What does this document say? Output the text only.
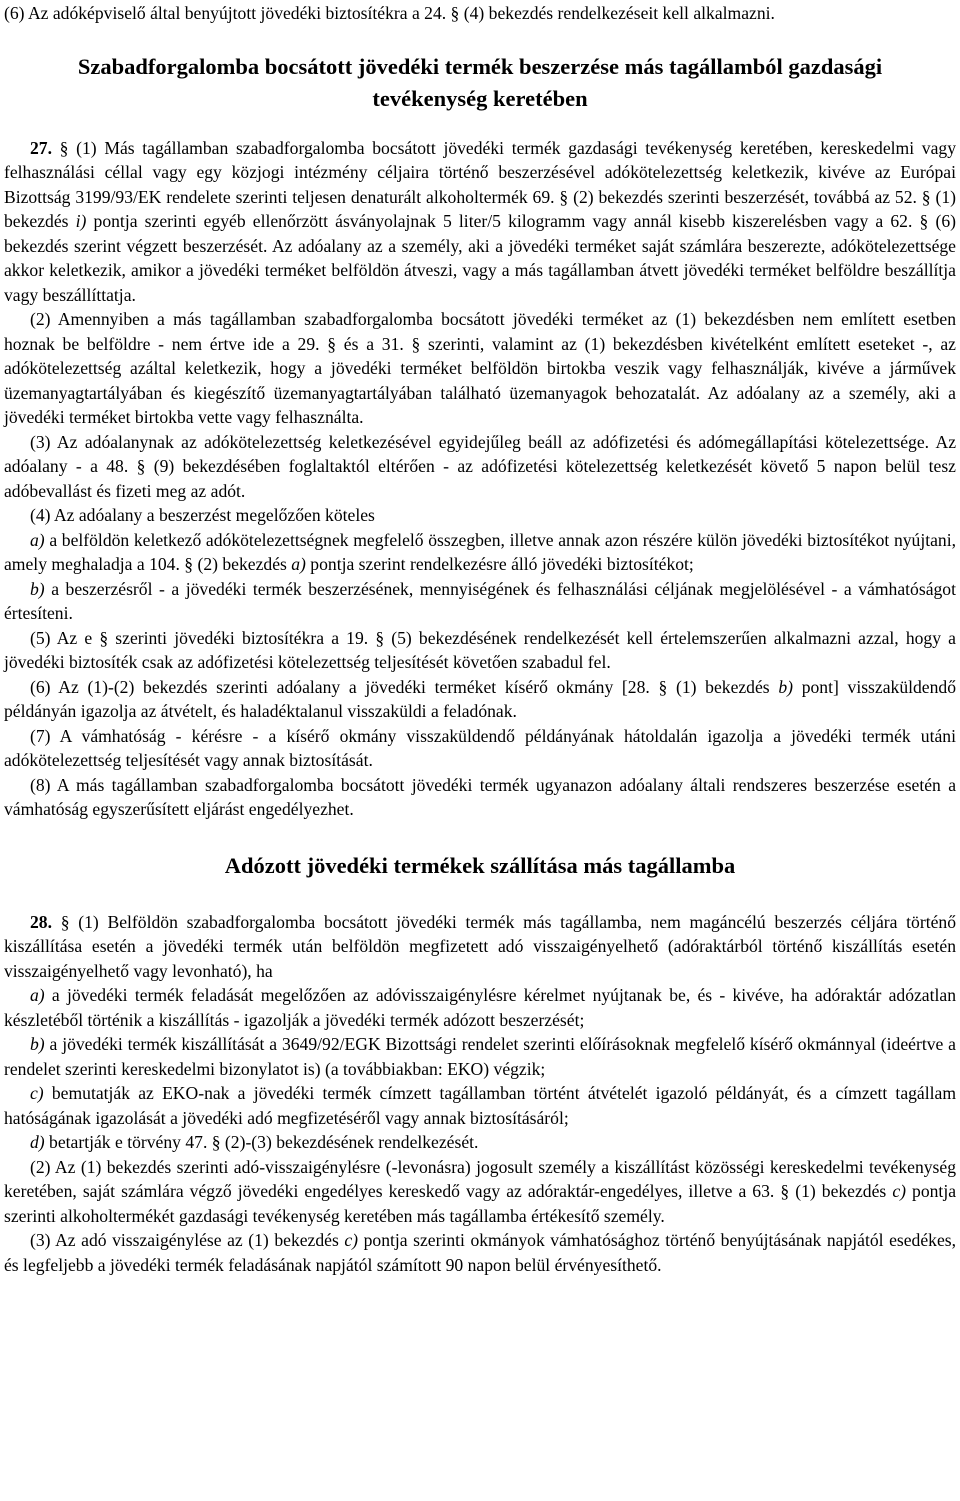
(6) Az adóképviselő által benyújtott jövedéki biztosítékra a 24. § (4) bekezdés rendelkezéseit kell alkalmazni.

Szabadforgalomba bocsátott jövedéki termék beszerzése más tagállamból gazdasági tevékenység keretében

27. § (1) Más tagállamban szabadforgalomba bocsátott jövedéki termék gazdasági tevékenység keretében, kereskedelmi vagy felhasználási céllal vagy egy közjogi intézmény céljaira történő beszerzésével adókötelezettség keletkezik, kivéve az Európai Bizottság 3199/93/EK rendelete szerinti teljesen denaturált alkoholtermék 69. § (2) bekezdés szerinti beszerzését, továbbá az 52. § (1) bekezdés i) pontja szerinti egyéb ellenőrzött ásványolajnak 5 liter/5 kilogramm vagy annál kisebb kiszerelésben vagy a 62. § (6) bekezdés szerint végzett beszerzését. Az adóalany az a személy, aki a jövedéki terméket saját számlára beszerezte, adókötelezettsége akkor keletkezik, amikor a jövedéki terméket belföldön átveszi, vagy a más tagállamban átvett jövedéki terméket belföldre beszállítja vagy beszállíttatja.

(2) Amennyiben a más tagállamban szabadforgalomba bocsátott jövedéki terméket az (1) bekezdésben nem említett esetben hoznak be belföldre - nem értve ide a 29. § és a 31. § szerinti, valamint az (1) bekezdésben kivételként említett eseteket -, az adókötelezettség azáltal keletkezik, hogy a jövedéki terméket belföldön birtokba veszik vagy felhasználják, kivéve a járművek üzemanyagtartályában és kiegészítő üzemanyagtartályában található üzemanyagok behozatalát. Az adóalany az a személy, aki a jövedéki terméket birtokba vette vagy felhasználta.

(3) Az adóalanynak az adókötelezettség keletkezésével egyidejűleg beáll az adófizetési és adómegállapítási kötelezettsége. Az adóalany - a 48. § (9) bekezdésében foglaltaktól eltérően - az adófizetési kötelezettség keletkezését követő 5 napon belül tesz adóbevallást és fizeti meg az adót.

(4) Az adóalany a beszerzést megelőzően köteles

a) a belföldön keletkező adókötelezettségnek megfelelő összegben, illetve annak azon részére külön jövedéki biztosítékot nyújtani, amely meghaladja a 104. § (2) bekezdés a) pontja szerint rendelkezésre álló jövedéki biztosítékot;

b) a beszerzésről - a jövedéki termék beszerzésének, mennyiségének és felhasználási céljának megjelölésével - a vámhatóságot értesíteni.

(5) Az e § szerinti jövedéki biztosítékra a 19. § (5) bekezdésének rendelkezését kell értelemszerűen alkalmazni azzal, hogy a jövedéki biztosíték csak az adófizetési kötelezettség teljesítését követően szabadul fel.

(6) Az (1)-(2) bekezdés szerinti adóalany a jövedéki terméket kísérő okmány [28. § (1) bekezdés b) pont] visszaküldendő példányán igazolja az átvételt, és haladéktalanul visszaküldi a feladónak.

(7) A vámhatóság - kérésre - a kísérő okmány visszaküldendő példányának hátoldalán igazolja a jövedéki termék utáni adókötelezettség teljesítését vagy annak biztosítását.

(8) A más tagállamban szabadforgalomba bocsátott jövedéki termék ugyanazon adóalany általi rendszeres beszerzése esetén a vámhatóság egyszerűsített eljárást engedélyezhet.

Adózott jövedéki termékek szállítása más tagállamba

28. § (1) Belföldön szabadforgalomba bocsátott jövedéki termék más tagállamba, nem magáncélú beszerzés céljára történő kiszállítása esetén a jövedéki termék után belföldön megfizetett adó visszaigényelhető (adóraktárból történő kiszállítás esetén visszaigényelhető vagy levonható), ha

a) a jövedéki termék feladását megelőzően az adóvisszaigénylésre kérelmet nyújtanak be, és - kivéve, ha adóraktár adózatlan készletéből történik a kiszállítás - igazolják a jövedéki termék adózott beszerzését;

b) a jövedéki termék kiszállítását a 3649/92/EGK Bizottsági rendelet szerinti előírásoknak megfelelő kísérő okmánnyal (ideértve a rendelet szerinti kereskedelmi bizonylatot is) (a továbbiakban: EKO) végzik;

c) bemutatják az EKO-nak a jövedéki termék címzett tagállamban történt átvételét igazoló példányát, és a címzett tagállam hatóságának igazolását a jövedéki adó megfizetéséről vagy annak biztosításáról;

d) betartják e törvény 47. § (2)-(3) bekezdésének rendelkezését.

(2) Az (1) bekezdés szerinti adó-visszaigénylésre (-levonásra) jogosult személy a kiszállítást közösségi kereskedelmi tevékenység keretében, saját számlára végző jövedéki engedélyes kereskedő vagy az adóraktár-engedélyes, illetve a 63. § (1) bekezdés c) pontja szerinti alkoholtermékét gazdasági tevékenység keretében más tagállamba értékesítő személy.

(3) Az adó visszaigénylése az (1) bekezdés c) pontja szerinti okmányok vámhatósághoz történő benyújtásának napjától esedékes, és legfeljebb a jövedéki termék feladásának napjától számított 90 napon belül érvényesíthető.
